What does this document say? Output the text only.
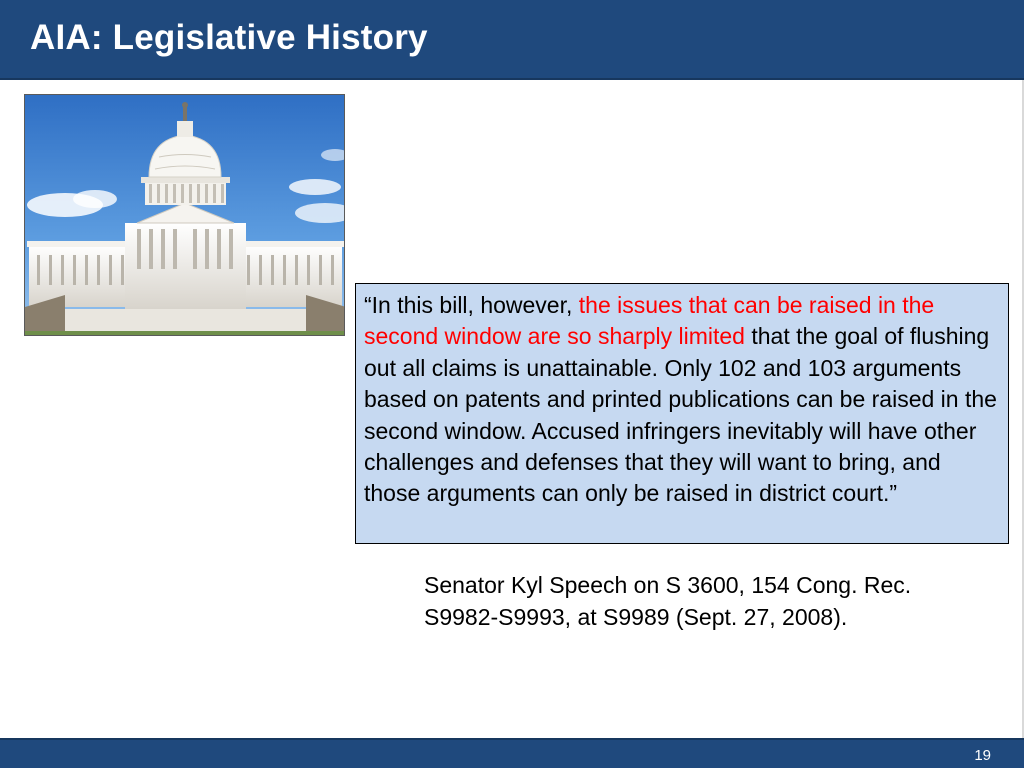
AIA: Legislative History
“In this bill, however, the issues that can be raised in the second window are so sharply limited that the goal of flushing out all claims is unattainable. Only 102 and 103 arguments based on patents and printed publications can be raised in the second window. Accused infringers inevitably will have other challenges and defenses that they will want to bring, and those arguments can only be raised in district court.”
Senator Kyl Speech on S 3600, 154 Cong. Rec.
S9982-S9993, at S9989 (Sept. 27, 2008).
19
